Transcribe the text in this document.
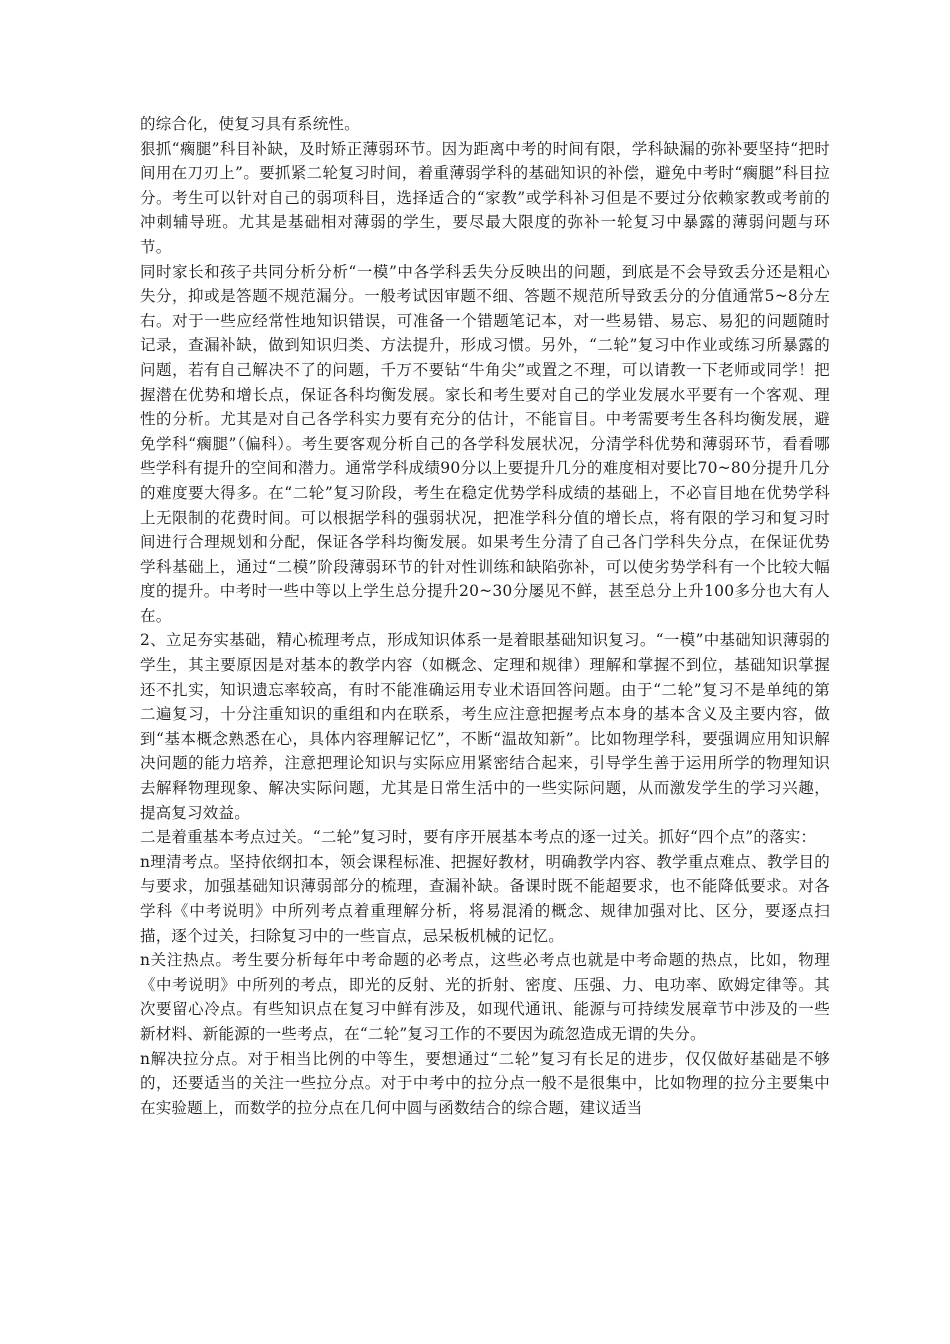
的综合化，使复习具有系统性。

狠抓“瘸腿”科目补缺，及时矫正薄弱环节。因为距离中考的时间有限，学科缺漏的弥补要坚持“把时间用在刀刃上”。要抓紧二轮复习时间，着重薄弱学科的基础知识的补偿，避免中考时“瘸腿”科目拉分。考生可以针对自己的弱项科目，选择适合的“家教”或学科补习但是不要过分依赖家教或考前的冲刺辅导班。尤其是基础相对薄弱的学生，要尽最大限度的弥补一轮复习中暴露的薄弱问题与环节。

同时家长和孩子共同分析分析“一模”中各学科丢失分反映出的问题，到底是不会导致丢分还是粗心失分，抑或是答题不规范漏分。一般考试因审题不细、答题不规范所导致丢分的分值通常5~8分左右。对于一些应经常性地知识错误，可准备一个错题笔记本，对一些易错、易忘、易犯的问题随时记录，查漏补缺，做到知识归类、方法提升，形成习惯。另外，“二轮”复习中作业或练习所暴露的问题，若有自己解决不了的问题，千万不要钻“牛角尖”或置之不理，可以请教一下老师或同学！把握潜在优势和增长点，保证各科均衡发展。家长和考生要对自己的学业发展水平要有一个客观、理性的分析。尤其是对自己各学科实力要有充分的估计，不能盲目。中考需要考生各科均衡发展，避免学科“瘸腿”（偏科）。考生要客观分析自己的各学科发展状况，分清学科优势和薄弱环节，看看哪些学科有提升的空间和潜力。通常学科成绩90分以上要提升几分的难度相对要比70~80分提升几分的难度要大得多。在“二轮”复习阶段，考生在稳定优势学科成绩的基础上，不必盲目地在优势学科上无限制的花费时间。可以根据学科的强弱状况，把准学科分值的增长点，将有限的学习和复习时间进行合理规划和分配，保证各学科均衡发展。如果考生分清了自己各门学科失分点，在保证优势学科基础上，通过“二模”阶段薄弱环节的针对性训练和缺陷弥补，可以使劣势学科有一个比较大幅度的提升。中考时一些中等以上学生总分提升20~30分屡见不鲜，甚至总分上升100多分也大有人在。

2、立足夯实基础，精心梳理考点，形成知识体系一是着眼基础知识复习。“一模”中基础知识薄弱的学生，其主要原因是对基本的教学内容（如概念、定理和规律）理解和掌握不到位，基础知识掌握还不扎实，知识遗忘率较高，有时不能准确运用专业术语回答问题。由于“二轮”复习不是单纯的第二遍复习，十分注重知识的重组和内在联系，考生应注意把握考点本身的基本含义及主要内容，做到“基本概念熟悉在心，具体内容理解记忆”，不断“温故知新”。比如物理学科，要强调应用知识解决问题的能力培养，注意把理论知识与实际应用紧密结合起来，引导学生善于运用所学的物理知识去解释物理现象、解决实际问题，尤其是日常生活中的一些实际问题，从而激发学生的学习兴趣，提高复习效益。

二是着重基本考点过关。“二轮”复习时，要有序开展基本考点的逐一过关。抓好“四个点”的落实：

n理清考点。坚持依纲扣本，领会课程标准、把握好教材，明确教学内容、教学重点难点、教学目的与要求，加强基础知识薄弱部分的梳理，查漏补缺。备课时既不能超要求，也不能降低要求。对各学科《中考说明》中所列考点着重理解分析，将易混淆的概念、规律加强对比、区分，要逐点扫描，逐个过关，扫除复习中的一些盲点，忌呆板机械的记忆。

n关注热点。考生要分析每年中考命题的必考点，这些必考点也就是中考命题的热点，比如，物理《中考说明》中所列的考点，即光的反射、光的折射、密度、压强、力、电功率、欧姆定律等。其次要留心冷点。有些知识点在复习中鲜有涉及，如现代通讯、能源与可持续发展章节中涉及的一些新材料、新能源的一些考点，在“二轮”复习工作的不要因为疏忽造成无谓的失分。

n解决拉分点。对于相当比例的中等生，要想通过“二轮”复习有长足的进步，仅仅做好基础是不够的，还要适当的关注一些拉分点。对于中考中的拉分点一般不是很集中，比如物理的拉分主要集中在实验题上，而数学的拉分点在几何中圆与函数结合的综合题，建议适当
